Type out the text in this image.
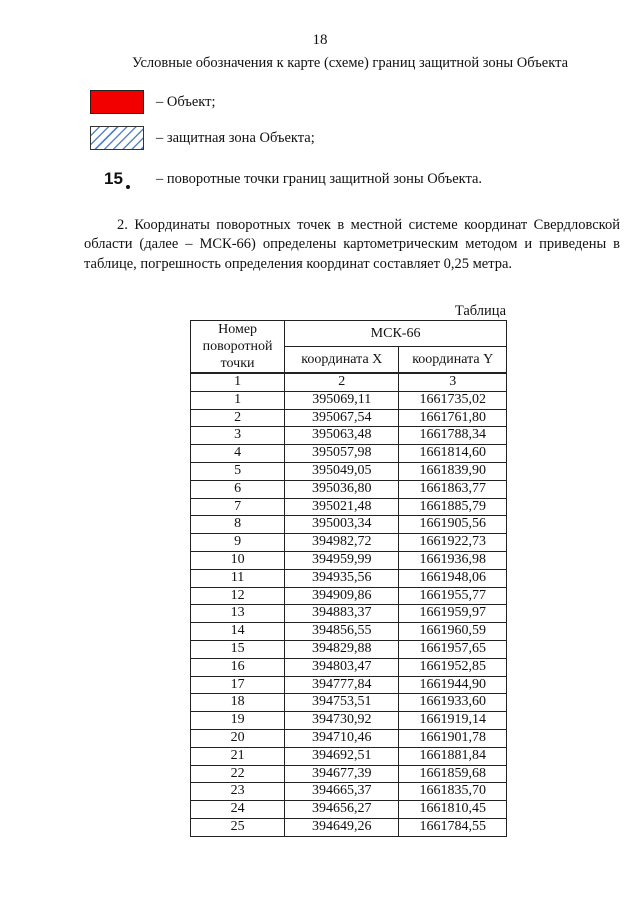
18
Условные обозначения к карте (схеме) границ защитной зоны Объекта
– Объект;
– защитная зона Объекта;
15	– поворотные точки границ защитной зоны Объекта.

2. Координаты поворотных точек в местной системе координат Свердловской области (далее – МСК-66) определены картометрическим методом и приведены в таблице, погрешность определения координат составляет 0,25 метра.

Таблица
Номер поворотной точки	МСК-66	
	координата X	координата Y
1	2	3
1	395069,11	1661735,02
2	395067,54	1661761,80
3	395063,48	1661788,34
4	395057,98	1661814,60
5	395049,05	1661839,90
6	395036,80	1661863,77
7	395021,48	1661885,79
8	395003,34	1661905,56
9	394982,72	1661922,73
10	394959,99	1661936,98
11	394935,56	1661948,06
12	394909,86	1661955,77
13	394883,37	1661959,97
14	394856,55	1661960,59
15	394829,88	1661957,65
16	394803,47	1661952,85
17	394777,84	1661944,90
18	394753,51	1661933,60
19	394730,92	1661919,14
20	394710,46	1661901,78
21	394692,51	1661881,84
22	394677,39	1661859,68
23	394665,37	1661835,70
24	394656,27	1661810,45
25	394649,26	1661784,55
